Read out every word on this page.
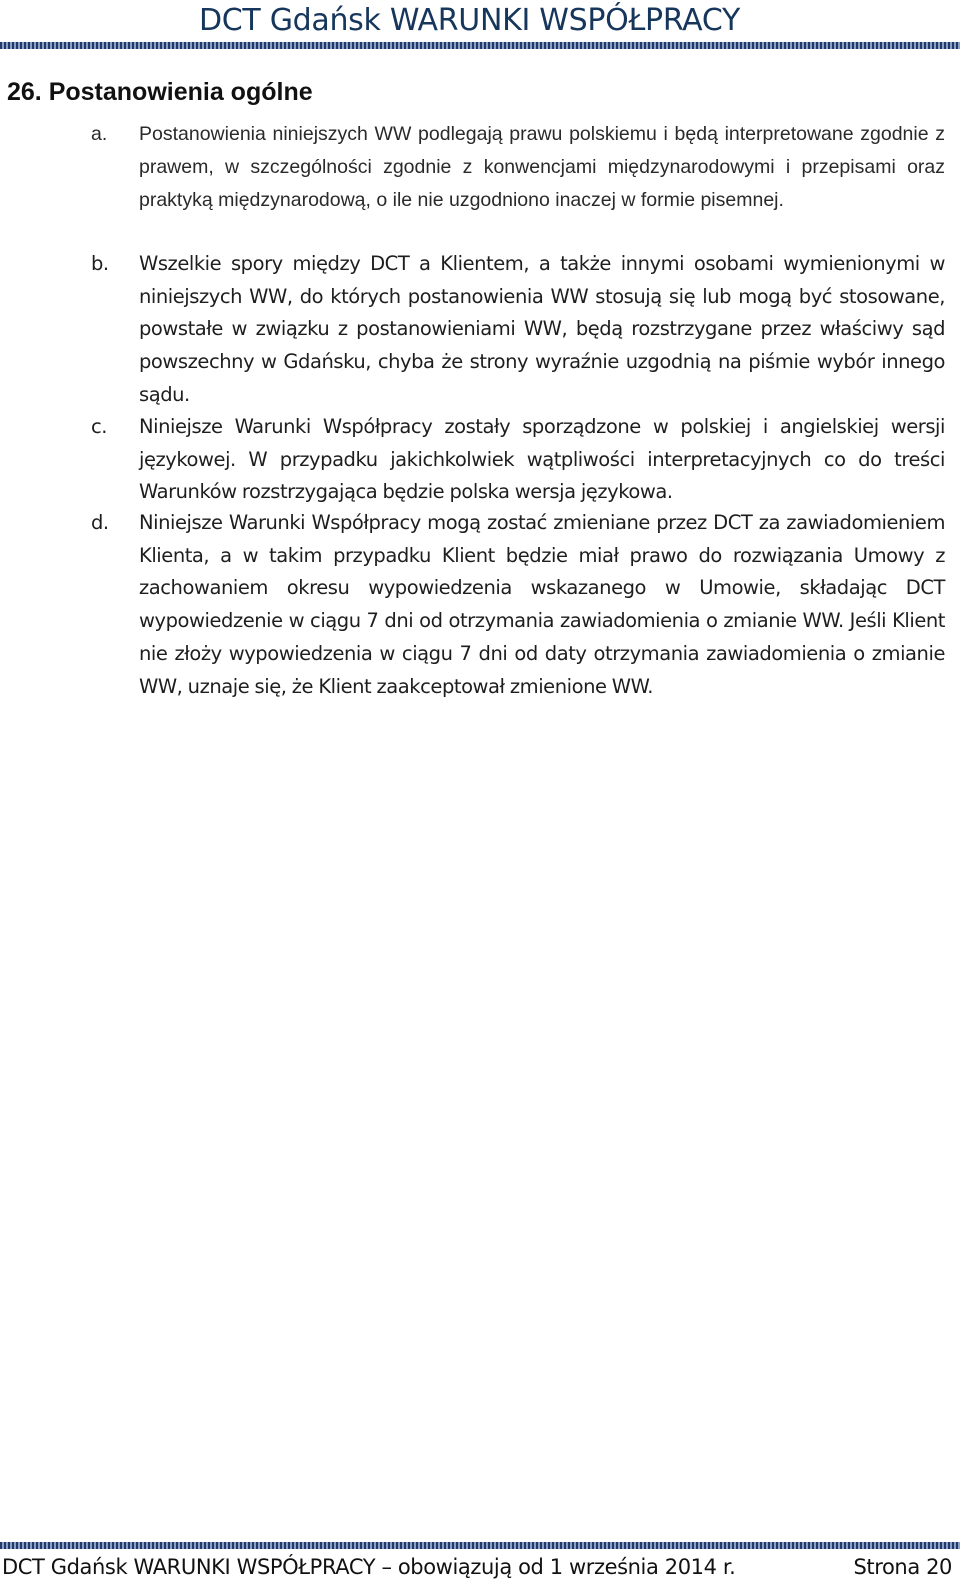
DCT Gdańsk WARUNKI WSPÓŁPRACY
26. Postanowienia ogólne
a.	Postanowienia niniejszych WW podlegają prawu polskiemu i będą interpretowane zgodnie z prawem, w szczególności zgodnie z konwencjami międzynarodowymi i przepisami oraz praktyką międzynarodową, o ile nie uzgodniono inaczej w formie pisemnej.
b.	Wszelkie spory między DCT a Klientem, a także innymi osobami wymienionymi w niniejszych WW, do których postanowienia WW stosują się lub mogą być stosowane, powstałe w związku z postanowieniami WW, będą rozstrzygane przez właściwy sąd powszechny w Gdańsku, chyba że strony wyraźnie uzgodnią na piśmie wybór innego sądu.
c.	Niniejsze Warunki Współpracy zostały sporządzone w polskiej i angielskiej wersji językowej. W przypadku jakichkolwiek wątpliwości interpretacyjnych co do treści Warunków rozstrzygająca będzie polska wersja językowa.
d.	Niniejsze Warunki Współpracy mogą zostać zmieniane przez DCT za zawiadomieniem Klienta, a w takim przypadku Klient będzie miał prawo do rozwiązania Umowy z zachowaniem okresu wypowiedzenia wskazanego w Umowie, składając DCT wypowiedzenie w ciągu 7 dni od otrzymania zawiadomienia o zmianie WW. Jeśli Klient nie złoży wypowiedzenia w ciągu 7 dni od daty otrzymania zawiadomienia o zmianie WW, uznaje się, że Klient zaakceptował zmienione WW.
DCT Gdańsk WARUNKI WSPÓŁPRACY – obowiązują od 1 września 2014 r.	Strona 20
